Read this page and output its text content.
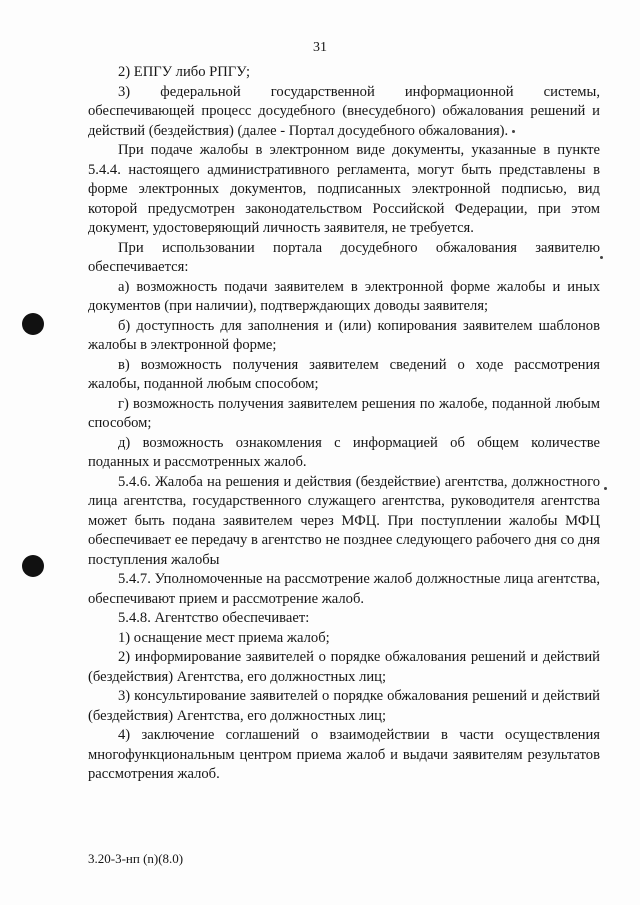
31

2) ЕПГУ либо РПГУ;

3) федеральной государственной информационной системы, обеспечивающей процесс досудебного (внесудебного) обжалования решений и действий (бездействия) (далее - Портал досудебного обжалования).

При подаче жалобы в электронном виде документы, указанные в пункте 5.4.4. настоящего административного регламента, могут быть представлены в форме электронных документов, подписанных электронной подписью, вид которой предусмотрен законодательством Российской Федерации, при этом документ, удостоверяющий личность заявителя, не требуется.

При использовании портала досудебного обжалования заявителю обеспечивается:

а) возможность подачи заявителем в электронной форме жалобы и иных документов (при наличии), подтверждающих доводы заявителя;

б) доступность для заполнения и (или) копирования заявителем шаблонов жалобы в электронной форме;

в) возможность получения заявителем сведений о ходе рассмотрения жалобы, поданной любым способом;

г) возможность получения заявителем решения по жалобе, поданной любым способом;

д) возможность ознакомления с информацией об общем количестве поданных и рассмотренных жалоб.

5.4.6. Жалоба на решения и действия (бездействие) агентства, должностного лица агентства, государственного служащего агентства, руководителя агентства может быть подана заявителем через МФЦ. При поступлении жалобы МФЦ обеспечивает ее передачу в агентство не позднее следующего рабочего дня со дня поступления жалобы

5.4.7. Уполномоченные на рассмотрение жалоб должностные лица агентства, обеспечивают прием и рассмотрение жалоб.

5.4.8. Агентство обеспечивает:

1) оснащение мест приема жалоб;

2) информирование заявителей о порядке обжалования решений и действий (бездействия) Агентства, его должностных лиц;

3) консультирование заявителей о порядке обжалования решений и действий (бездействия) Агентства, его должностных лиц;

4) заключение соглашений о взаимодействии в части осуществления многофункциональным центром приема жалоб и выдачи заявителям результатов рассмотрения жалоб.

3.20-3-нп (n)(8.0)
